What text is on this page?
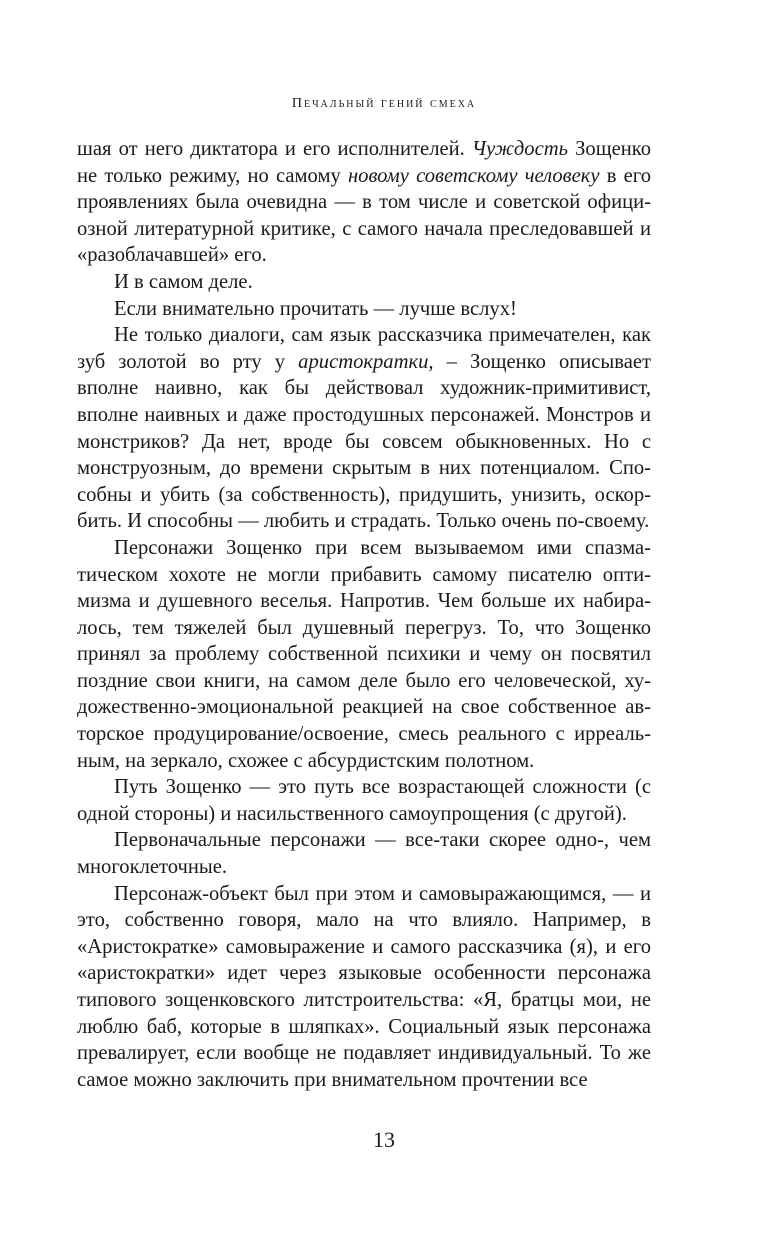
Печальный гений смеха

шая от него диктатора и его исполнителей. Чуждость Зощенко не только режиму, но самому новому советскому человеку в его проявлениях была очевидна — в том числе и советской официозной литературной критике, с самого начала преследовавшей и «разоблачавшей» его.

И в самом деле.

Если внимательно прочитать — лучше вслух!

Не только диалоги, сам язык рассказчика примечателен, как зуб золотой во рту у аристократки, – Зощенко описывает вполне наивно, как бы действовал художник-примитивист, вполне наивных и даже простодушных персонажей. Монстров и монстриков? Да нет, вроде бы совсем обыкновенных. Но с монструозным, до времени скрытым в них потенциалом. Способны и убить (за собственность), придушить, унизить, оскорбить. И способны — любить и страдать. Только очень по-своему.

Персонажи Зощенко при всем вызываемом ими спазматическом хохоте не могли прибавить самому писателю оптимизма и душевного веселья. Напротив. Чем больше их набиралось, тем тяжелей был душевный перегруз. То, что Зощенко принял за проблему собственной психики и чему он посвятил поздние свои книги, на самом деле было его человеческой, художественно-эмоциональной реакцией на свое собственное авторское продуцирование/освоение, смесь реального с ирреальным, на зеркало, схожее с абсурдистским полотном.

Путь Зощенко — это путь все возрастающей сложности (с одной стороны) и насильственного самоупрощения (с другой).

Первоначальные персонажи — все-таки скорее одно-, чем многоклеточные.

Персонаж-объект был при этом и самовыражающимся, — и это, собственно говоря, мало на что влияло. Например, в «Аристократке» самовыражение и самого рассказчика (я), и его «аристократки» идет через языковые особенности персонажа типового зощенковского литстроительства: «Я, братцы мои, не люблю баб, которые в шляпках». Социальный язык персонажа превалирует, если вообще не подавляет индивидуальный. То же самое можно заключить при внимательном прочтении все

13
